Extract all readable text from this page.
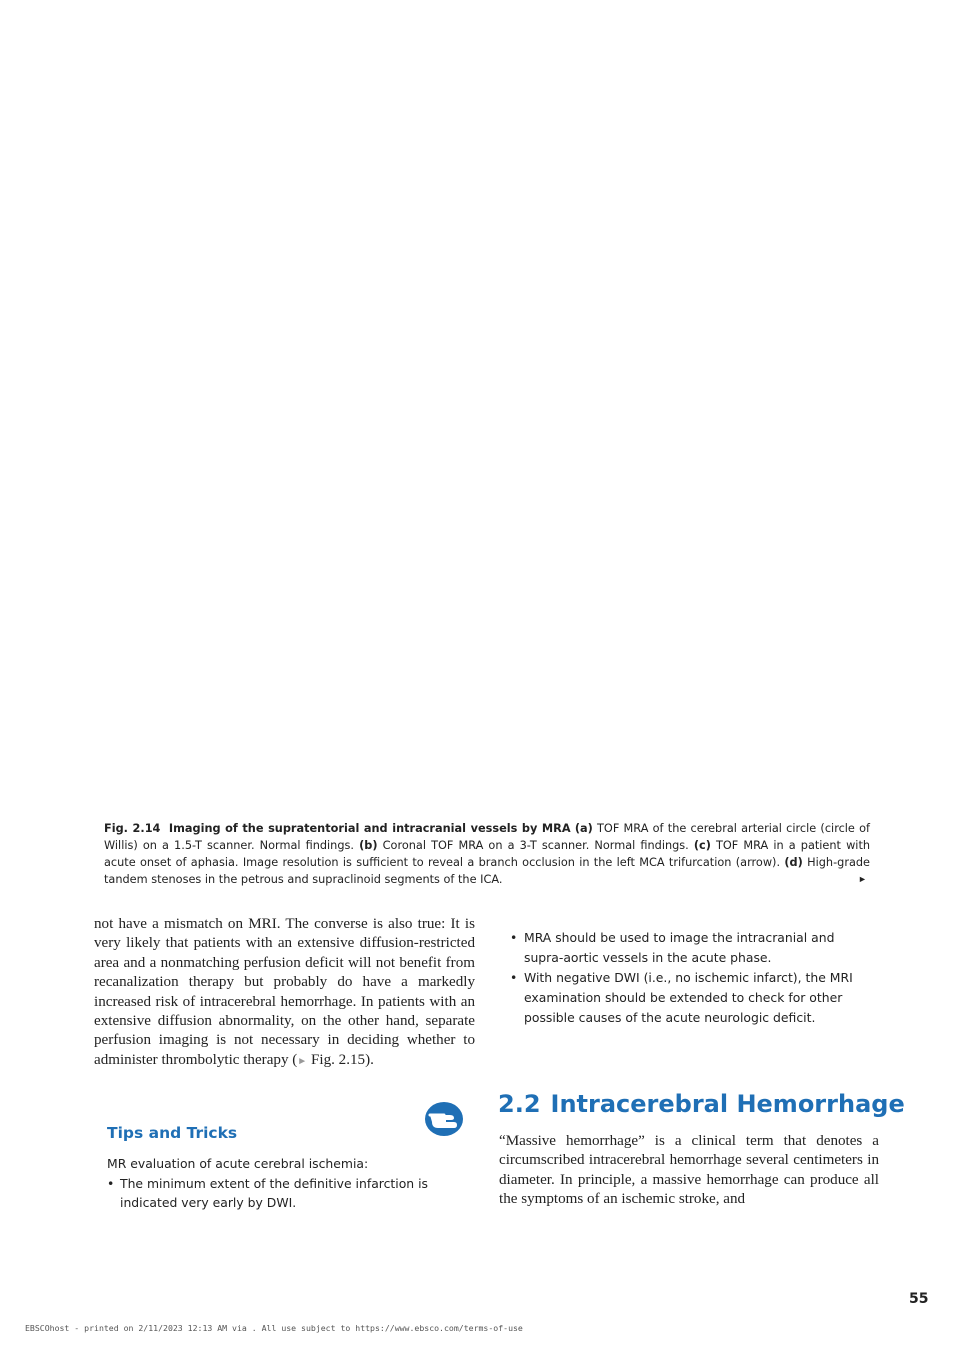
Fig. 2.14 Imaging of the supratentorial and intracranial vessels by MRA (a) TOF MRA of the cerebral arterial circle (circle of Willis) on a 1.5-T scanner. Normal findings. (b) Coronal TOF MRA on a 3-T scanner. Normal findings. (c) TOF MRA in a patient with acute onset of aphasia. Image resolution is sufficient to reveal a branch occlusion in the left MCA trifurcation (arrow). (d) High-grade tandem stenoses in the petrous and supraclinoid segments of the ICA.	►
not have a mismatch on MRI. The converse is also true: It is very likely that patients with an extensive diffusion-restricted area and a nonmatching perfusion deficit will not benefit from recanalization therapy but probably do have a markedly increased risk of intracerebral hemorrhage. In patients with an extensive diffusion abnormality, on the other hand, separate perfusion imaging is not necessary in deciding whether to administer thrombolytic therapy (► Fig. 2.15).
• MRA should be used to image the intracranial and supra-aortic vessels in the acute phase.
• With negative DWI (i.e., no ischemic infarct), the MRI examination should be extended to check for other possible causes of the acute neurologic deficit.
Tips and Tricks
MR evaluation of acute cerebral ischemia:
• The minimum extent of the definitive infarction is indicated very early by DWI.
2.2 Intracerebral Hemorrhage
“Massive hemorrhage” is a clinical term that denotes a circumscribed intracerebral hemorrhage several centimeters in diameter. In principle, a massive hemorrhage can produce all the symptoms of an ischemic stroke, and
55
EBSCOhost - printed on 2/11/2023 12:13 AM via . All use subject to https://www.ebsco.com/terms-of-use
